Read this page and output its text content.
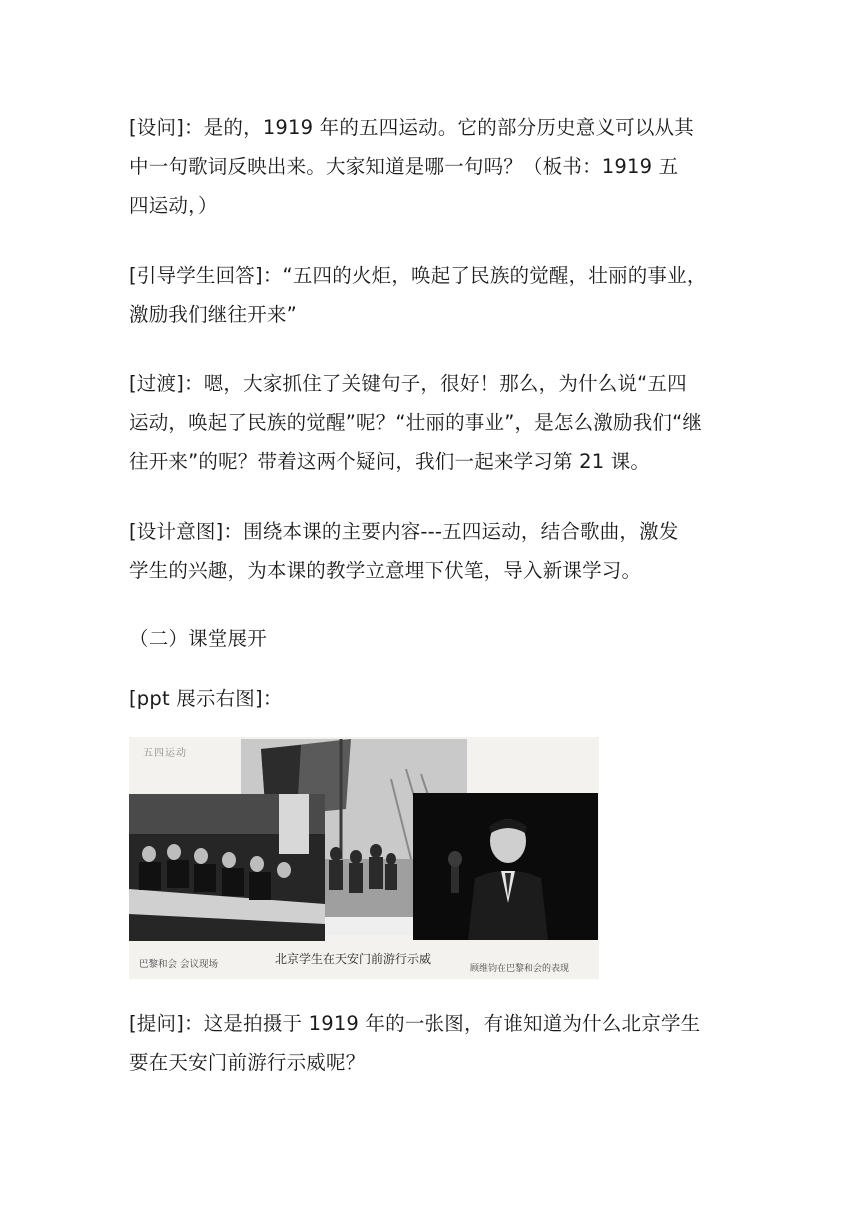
[设问]：是的，1919 年的五四运动。它的部分历史意义可以从其
中一句歌词反映出来。大家知道是哪一句吗？（板书：1919 五
四运动，）

[引导学生回答]：“五四的火炬，唤起了民族的觉醒，壮丽的事业，
激励我们继往开来”

[过渡]：嗯，大家抓住了关键句子，很好！那么，为什么说“五四
运动，唤起了民族的觉醒”呢？“壮丽的事业”，是怎么激励我们“继
往开来”的呢？带着这两个疑问，我们一起来学习第 21 课。

[设计意图]：围绕本课的主要内容---五四运动，结合歌曲，激发
学生的兴趣，为本课的教学立意埋下伏笔，导入新课学习。

（二）课堂展开

[ppt 展示右图]：

五四运动
巴黎和会 会议现场	北京学生在天安门前游行示威
顾维钧在巴黎和会的表现

[提问]：这是拍摄于 1919 年的一张图，有谁知道为什么北京学生
要在天安门前游行示威呢？
